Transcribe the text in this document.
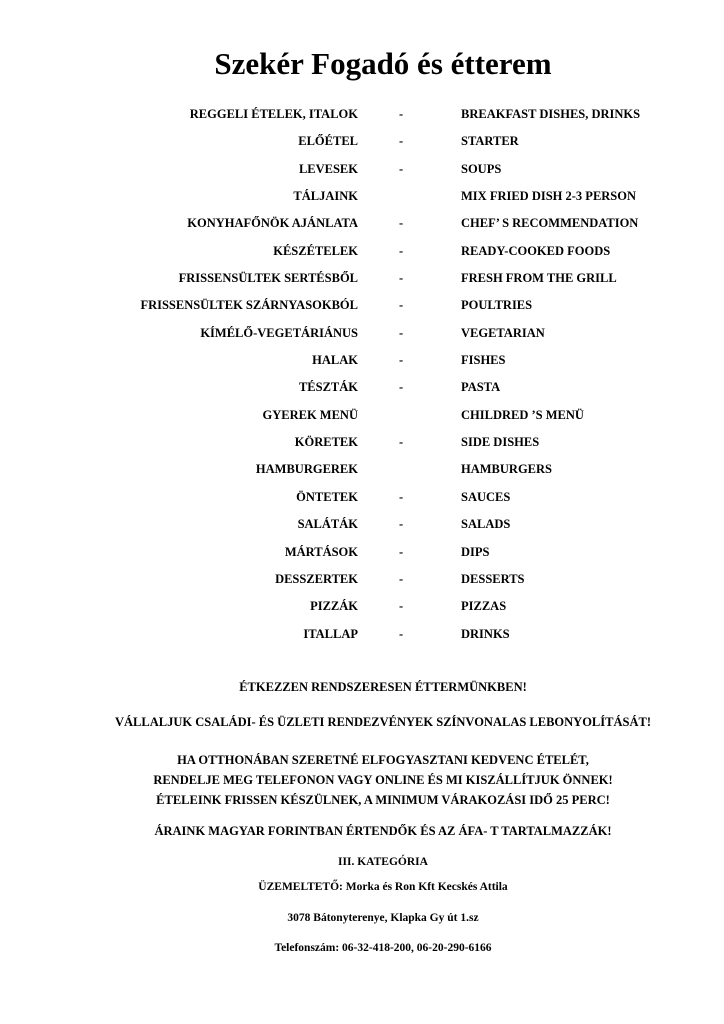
Szekér Fogadó és étterem
REGGELI ÉTELEK, ITALOK	-	BREAKFAST DISHES, DRINKS
ELŐÉTEL	-	STARTER
LEVESEK	-	SOUPS
TÁLJAINK	MIX FRIED DISH 2-3 PERSON
KONYHAFŐNÖK AJÁNLATA	-	CHEF’ S RECOMMENDATION
KÉSZÉTELEK	-	READY-COOKED FOODS
FRISSENSÜLTEK SERTÉSBŐL	-	FRESH FROM THE GRILL
FRISSENSÜLTEK SZÁRNYASOKBÓL	-	POULTRIES
KÍMÉLŐ-VEGETÁRIÁNUS	-	VEGETARIAN
HALAK	-	FISHES
TÉSZTÁK	-	PASTA
GYEREK MENÜ	CHILDRED ’S MENÜ
KÖRETEK	-	SIDE DISHES
HAMBURGEREK	HAMBURGERS
ÖNTETEK	-	SAUCES
SALÁTÁK	-	SALADS
MÁRTÁSOK	-	DIPS
DESSZERTEK	-	DESSERTS
PIZZÁK	-	PIZZAS
ITALLAP	-	DRINKS
ÉTKEZZEN RENDSZERESEN ÉTTERMÜNKBEN!
VÁLLALJUK CSALÁDI- ÉS ÜZLETI RENDEZVÉNYEK SZÍNVONALAS LEBONYOLÍTÁSÁT!
HA OTTHONÁBAN SZERETNÉ ELFOGYASZTANI KEDVENC ÉTELÉT,
RENDELJE MEG TELEFONON VAGY ONLINE ÉS MI KISZÁLLÍTJUK ÖNNEK!
ÉTELEINK FRISSEN KÉSZÜLNEK, A MINIMUM VÁRAKOZÁSI IDŐ 25 PERC!
ÁRAINK MAGYAR FORINTBAN ÉRTENDŐK ÉS AZ ÁFA- T TARTALMAZZÁK!
III. KATEGÓRIA
ÜZEMELTETŐ: Morka és Ron Kft Kecskés Attila
3078 Bátonyterenye, Klapka Gy út 1.sz
Telefonszám: 06-32-418-200, 06-20-290-6166
